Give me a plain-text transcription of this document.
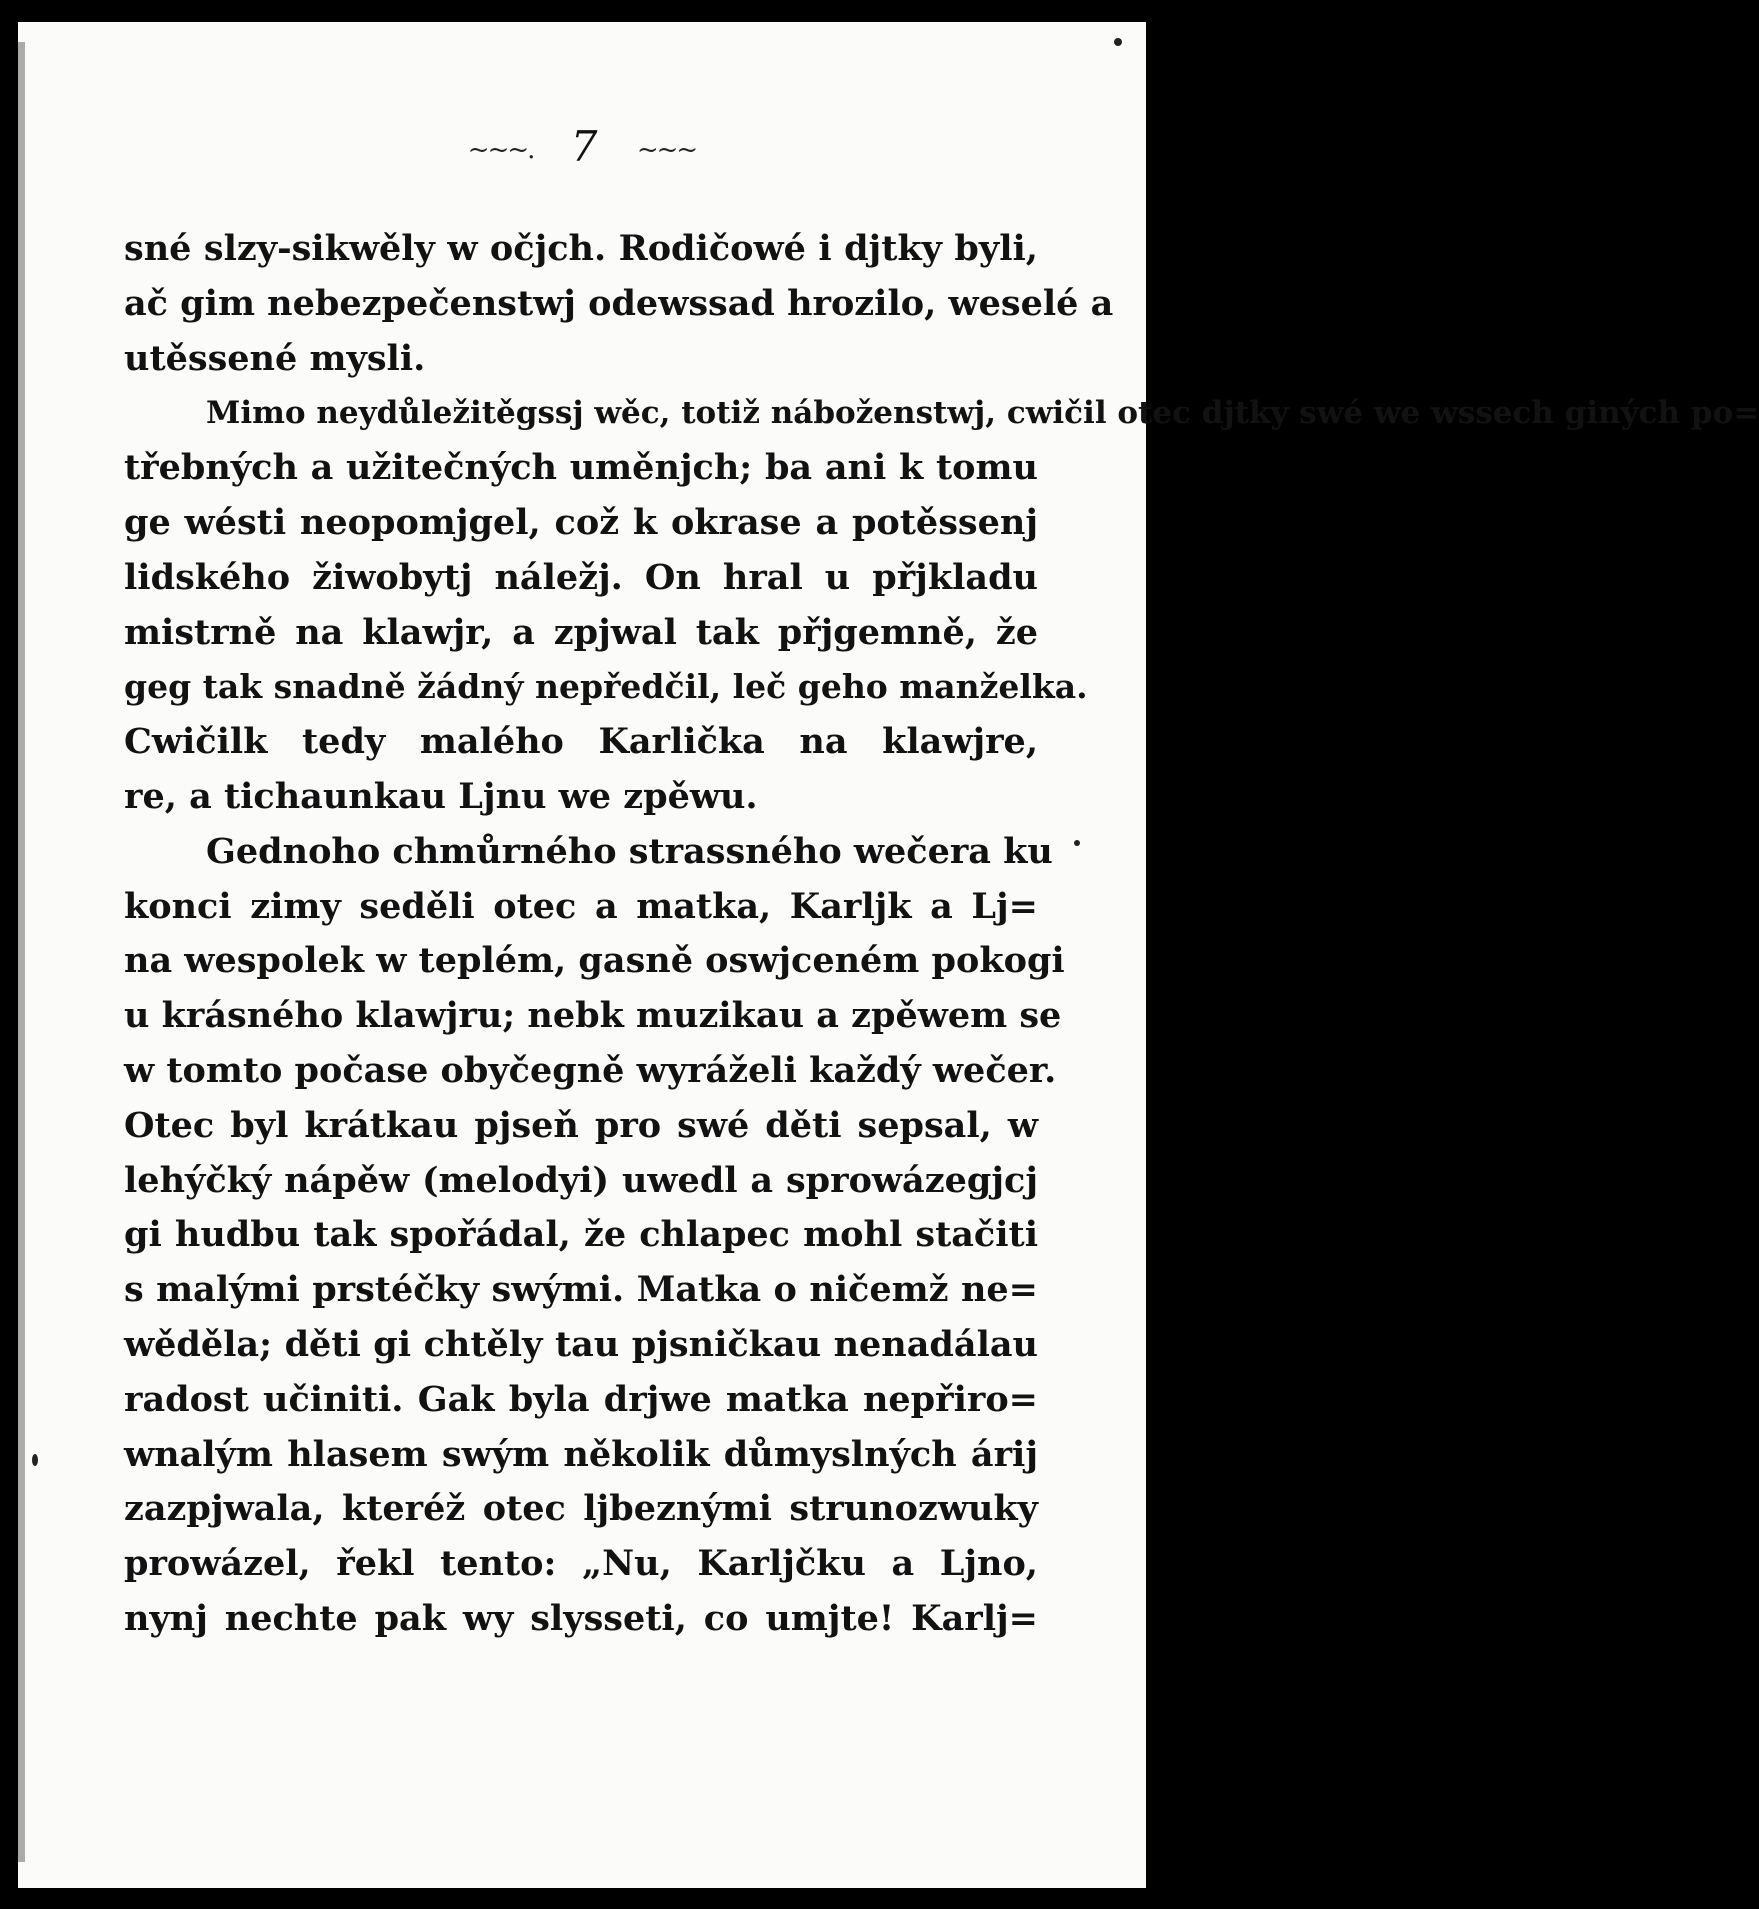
~~~. 7 ~~~
sné slzy-sikwěly w očjch. Rodičowé i djtky byli,
ač gim nebezpečenstwj odewssad hrozilo, weselé a
utěssené mysli.
Mimo neydůležitěgssj wěc, totiž náboženstwj, cwičil otec djtky swé we wssech giných po=
třebných a užitečných uměnjch; ba ani k tomu
ge wésti neopomjgel, což k okrase a potěssenj
lidského žiwobytj náležj. On hral u přjkladu
mistrně na klawjr, a zpjwal tak přjgemně, že
geg tak snadně žádný nepředčil, leč geho manželka.
Cwičilk tedy malého Karlička na klawjre,
re, a tichaunkau Ljnu we zpěwu.
Gednoho chmůrného strassného wečera ku
konci zimy seděli otec a matka, Karljk a Lj=
na wespolek w teplém, gasně oswjceném pokogi
u krásného klawjru; nebk muzikau a zpěwem se
w tomto počase obyčegně wyráželi každý wečer.
Otec byl krátkau pjseň pro swé děti sepsal, w
lehýčký nápěw (melodyi) uwedl a sprowázegjcj
gi hudbu tak spořádal, že chlapec mohl stačiti
s malými prstéčky swými. Matka o ničemž ne=
wěděla; děti gi chtěly tau pjsničkau nenadálau
radost učiniti. Gak byla drjwe matka nepřiro=
wnalým hlasem swým několik důmyslných árij
zazpjwala, kteréž otec ljbeznými strunozwuky
prowázel, řekl tento: „Nu, Karljčku a Ljno,
nynj nechte pak wy slysseti, co umjte! Karlj=
